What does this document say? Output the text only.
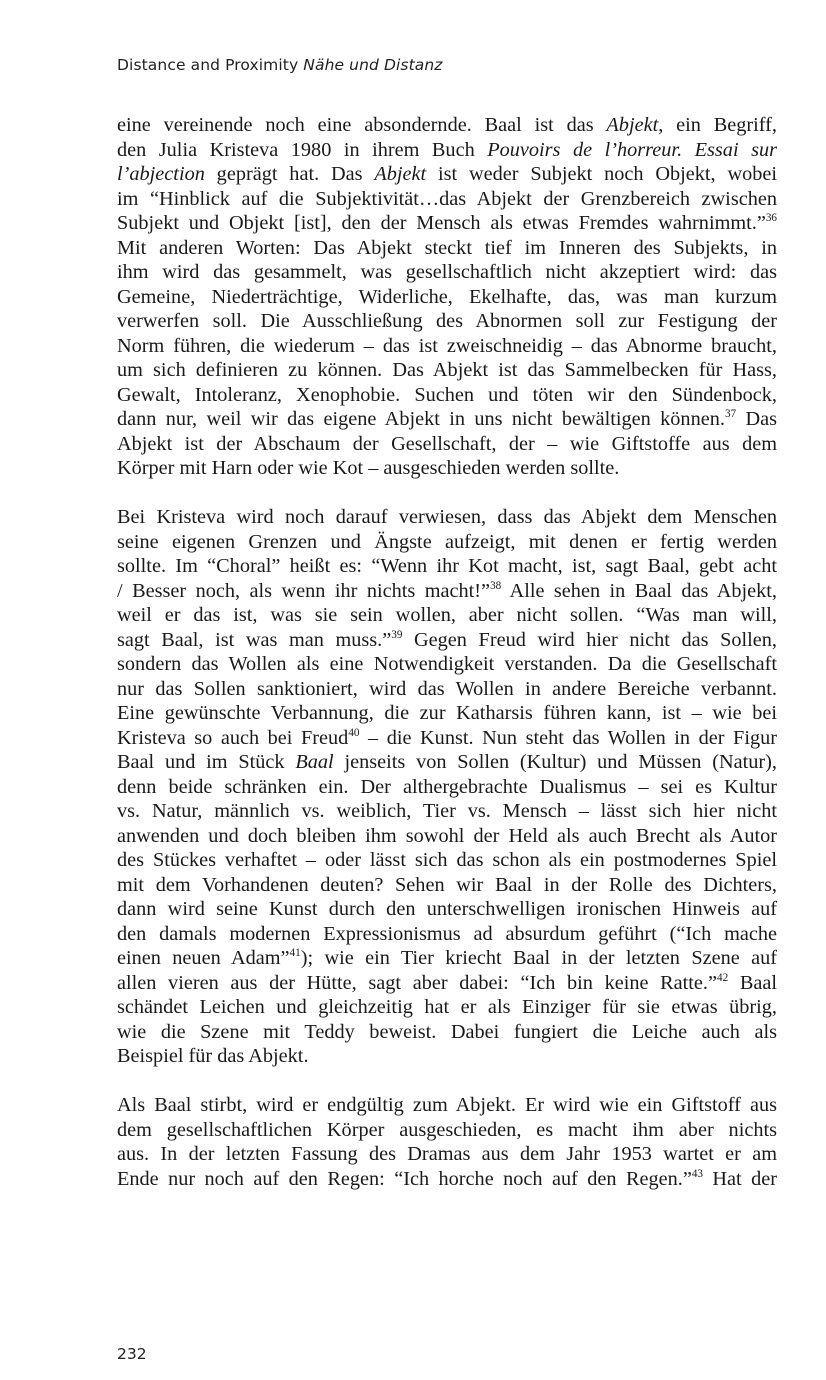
Distance and Proximity Nähe und Distanz
eine vereinende noch eine absondernde. Baal ist das Abjekt, ein Begriff,
den Julia Kristeva 1980 in ihrem Buch Pouvoirs de l’horreur. Essai sur
l’abjection geprägt hat. Das Abjekt ist weder Subjekt noch Objekt, wobei
im “Hinblick auf die Subjektivität…das Abjekt der Grenzbereich zwischen
Subjekt und Objekt [ist], den der Mensch als etwas Fremdes wahrnimmt.”$^{36}$
Mit anderen Worten: Das Abjekt steckt tief im Inneren des Subjekts, in
ihm wird das gesammelt, was gesellschaftlich nicht akzeptiert wird: das
Gemeine, Niederträchtige, Widerliche, Ekelhafte, das, was man kurzum
verwerfen soll. Die Ausschließung des Abnormen soll zur Festigung der
Norm führen, die wiederum – das ist zweischneidig – das Abnorme braucht,
um sich definieren zu können. Das Abjekt ist das Sammelbecken für Hass,
Gewalt, Intoleranz, Xenophobie. Suchen und töten wir den Sündenbock,
dann nur, weil wir das eigene Abjekt in uns nicht bewältigen können.$^{37}$ Das
Abjekt ist der Abschaum der Gesellschaft, der – wie Giftstoffe aus dem
Körper mit Harn oder wie Kot – ausgeschieden werden sollte.
Bei Kristeva wird noch darauf verwiesen, dass das Abjekt dem Menschen
seine eigenen Grenzen und Ängste aufzeigt, mit denen er fertig werden
sollte. Im “Choral” heißt es: “Wenn ihr Kot macht, ist, sagt Baal, gebt acht
/ Besser noch, als wenn ihr nichts macht!”$^{38}$ Alle sehen in Baal das Abjekt,
weil er das ist, was sie sein wollen, aber nicht sollen. “Was man will,
sagt Baal, ist was man muss.”$^{39}$ Gegen Freud wird hier nicht das Sollen,
sondern das Wollen als eine Notwendigkeit verstanden. Da die Gesellschaft
nur das Sollen sanktioniert, wird das Wollen in andere Bereiche verbannt.
Eine gewünschte Verbannung, die zur Katharsis führen kann, ist – wie bei
Kristeva so auch bei Freud$^{40}$ – die Kunst. Nun steht das Wollen in der Figur
Baal und im Stück Baal jenseits von Sollen (Kultur) und Müssen (Natur),
denn beide schränken ein. Der althergebrachte Dualismus – sei es Kultur
vs. Natur, männlich vs. weiblich, Tier vs. Mensch – lässt sich hier nicht
anwenden und doch bleiben ihm sowohl der Held als auch Brecht als Autor
des Stückes verhaftet – oder lässt sich das schon als ein postmodernes Spiel
mit dem Vorhandenen deuten? Sehen wir Baal in der Rolle des Dichters,
dann wird seine Kunst durch den unterschwelligen ironischen Hinweis auf
den damals modernen Expressionismus ad absurdum geführt (“Ich mache
einen neuen Adam”$^{41}$); wie ein Tier kriecht Baal in der letzten Szene auf
allen vieren aus der Hütte, sagt aber dabei: “Ich bin keine Ratte.”$^{42}$ Baal
schändet Leichen und gleichzeitig hat er als Einziger für sie etwas übrig,
wie die Szene mit Teddy beweist. Dabei fungiert die Leiche auch als
Beispiel für das Abjekt.
Als Baal stirbt, wird er endgültig zum Abjekt. Er wird wie ein Giftstoff aus
dem gesellschaftlichen Körper ausgeschieden, es macht ihm aber nichts
aus. In der letzten Fassung des Dramas aus dem Jahr 1953 wartet er am
Ende nur noch auf den Regen: “Ich horche noch auf den Regen.”$^{43}$ Hat der
232
